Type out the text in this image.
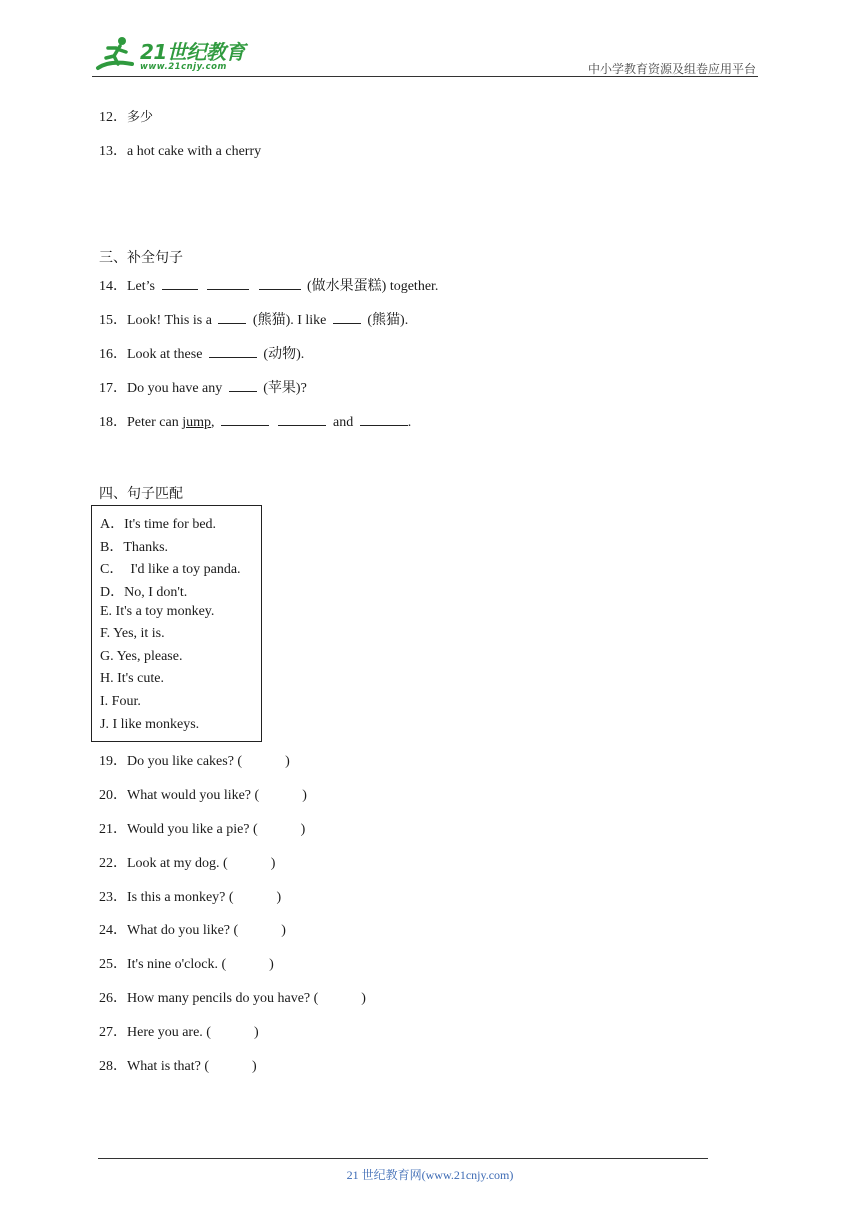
21世纪教育
www.21cnjy.com	中小学教育资源及组卷应用平台
12．多少
13．a hot cake with a cherry
三、补全句子
14．Let’s	(做水果蛋糕) together.
15．Look! This is a	(熊猫). I like	(熊猫).
16．Look at these	(动物).
17．Do you have any	(苹果)?
18．Peter can jump,	and	.
四、句子匹配
A．It's time for bed.
B．Thanks.
C．  I'd like a toy panda.
D．No, I don't.
E. It's a toy monkey.
F. Yes, it is.
G. Yes, please.
H. It's cute.
I. Four.
J. I like monkeys.
19．Do you like cakes? (	)
20．What would you like? (	)
21．Would you like a pie? (	)
22．Look at my dog. (	)
23．Is this a monkey? (	)
24．What do you like? (	)
25．It's nine o'clock. (	)
26．How many pencils do you have? (	)
27．Here you are. (	)
28．What is that? (	)
21 世纪教育网(www.21cnjy.com)
